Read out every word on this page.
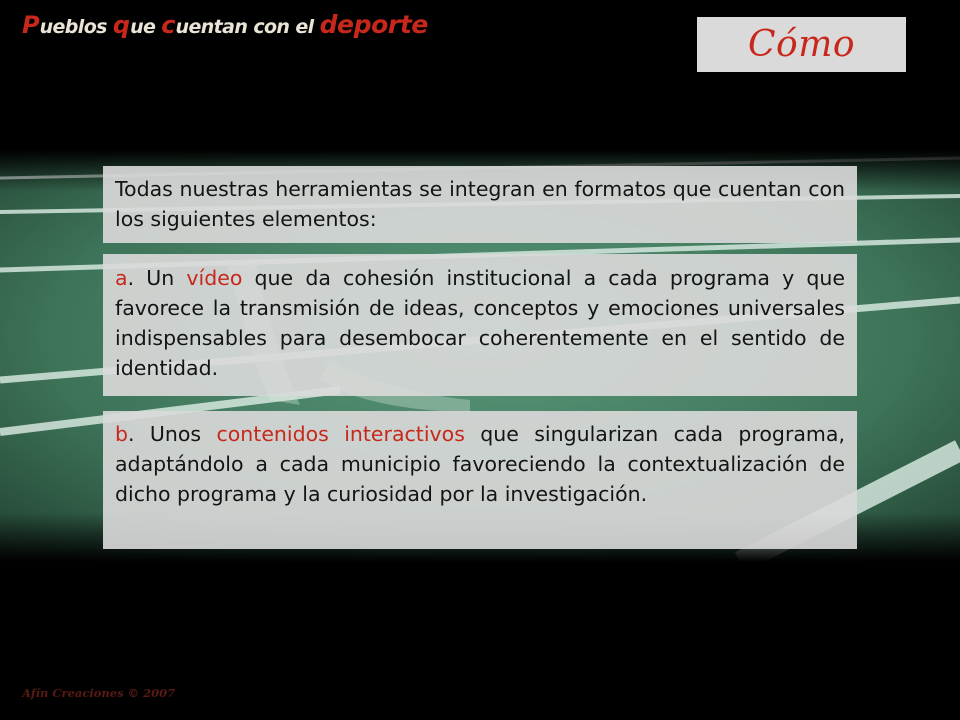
P ueblos q ue c uentan con el deporte	Cómo
Todas nuestras herramientas se integran en formatos que cuentan con los siguientes elementos:
a. Un vídeo que da cohesión institucional a cada programa y que favorece la transmisión de ideas, conceptos y emociones universales indispensables para desembocar coherentemente en el sentido de identidad.
b. Unos contenidos interactivos que singularizan cada programa, adaptándolo a cada municipio favoreciendo la contextualización de dicho programa y la curiosidad por la investigación.
Afín Creaciones © 2007
